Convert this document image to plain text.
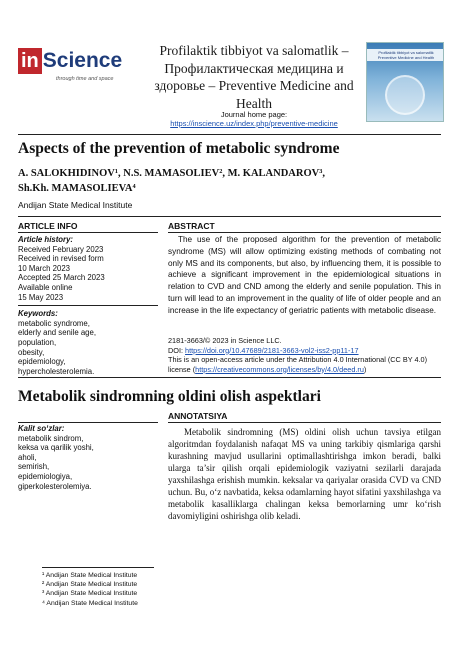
in Science
through time and space
Profilaktik tibbiyot va salomatlik – Профилактическая медицина и здоровье – Preventive Medicine and Health
Journal home page:
https://inscience.uz/index.php/preventive-medicine
Profilaktik tibbiyot va salomatlik Preventive Medicine and Health
Aspects of the prevention of metabolic syndrome
A. SALOKHIDINOV¹, N.S. MAMASOLIEV², M. KALANDAROV³,
Sh.Kh. MAMASOLIEVA⁴
Andijan State Medical Institute
ARTICLE INFO
Article history:
Received February 2023
Received in revised form
10 March 2023
Accepted 25 March 2023
Available online
15 May 2023
Keywords:
metabolic syndrome,
elderly and senile age,
population,
obesity,
epidemiology,
hypercholesterolemia.
ABSTRACT
The use of the proposed algorithm for the prevention of metabolic syndrome (MS) will allow optimizing existing methods of combating not only MS and its components, but also, by influencing them, it is possible to achieve a significant improvement in the epidemiological situations in relation to CVD and CND among the elderly and senile population. This in turn will lead to an improvement in the quality of life of older people and an increase in the life expectancy of geriatric patients with metabolic disease.
2181-3663/© 2023 in Science LLC.
DOI: https://doi.org/10.47689/2181-3663-vol2-iss2-pp11-17
This is an open-access article under the Attribution 4.0 International (CC BY 4.0) license (https://creativecommons.org/licenses/by/4.0/deed.ru)
Metabolik sindromning oldini olish aspektlari
ANNOTATSIYA
Kalit so‘zlar:
metabolik sindrom,
keksa va qarilik yoshi,
aholi,
semirish,
epidemiologiya,
giperkolesterolemiya.
Metabolik sindromning (MS) oldini olish uchun tavsiya etilgan algoritmdan foydalanish nafaqat MS va uning tarkibiy qismlariga qarshi kurashning mavjud usullarini optimallashtirishga imkon beradi, balki ularga ta’sir qilish orqali epidemiologik vaziyatni sezilarli darajada yaxshilashga erishish mumkin. keksalar va qariyalar orasida CVD va CND uchun. Bu, o‘z navbatida, keksa odamlarning hayot sifatini yaxshilashga va metabolik kasalliklarga chalingan keksa bemorlarning umr ko‘rish davomiyligini oshirishga olib keladi.
¹ Andijan State Medical Institute
² Andijan State Medical Institute
³ Andijan State Medical Institute
⁴ Andijan State Medical Institute
